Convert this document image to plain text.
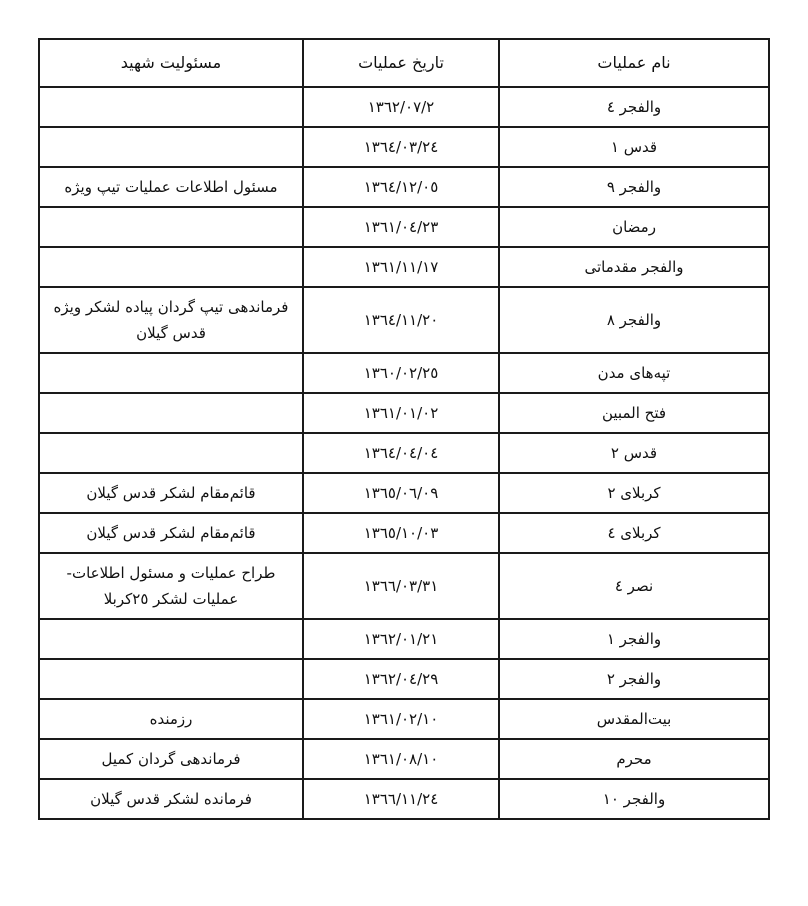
نام عملیات	تاریخ عملیات	مسئولیت شهید
والفجر ٤	١٣٦٢/٠٧/٢	
قدس ١	١٣٦٤/٠٣/٢٤	
والفجر ٩	١٣٦٤/١٢/٠٥	مسئول اطلاعات عملیات تیپ ویژه
رمضان	١٣٦١/٠٤/٢٣	
والفجر مقدماتی	١٣٦١/١١/١٧	
والفجر ٨	١٣٦٤/١١/٢٠	فرماندهی تیپ گردان پیاده لشکر ویژه قدس گیلان
تپه‌های مدن	١٣٦٠/٠٢/٢٥	
فتح المبین	١٣٦١/٠١/٠٢	
قدس ٢	١٣٦٤/٠٤/٠٤	
کربلای ٢	١٣٦٥/٠٦/٠٩	قائم‌مقام لشکر قدس گیلان
کربلای ٤	١٣٦٥/١٠/٠٣	قائم‌مقام لشکر قدس گیلان
نصر ٤	١٣٦٦/٠٣/٣١	طراح عملیات و مسئول اطلاعات- عملیات لشکر ٢٥کربلا
والفجر ١	١٣٦٢/٠١/٢١	
والفجر ٢	١٣٦٢/٠٤/٢٩	
بیت‌المقدس	١٣٦١/٠٢/١٠	رزمنده
محرم	١٣٦١/٠٨/١٠	فرماندهی گردان کمیل
والفجر ١٠	١٣٦٦/١١/٢٤	فرمانده لشکر قدس گیلان
